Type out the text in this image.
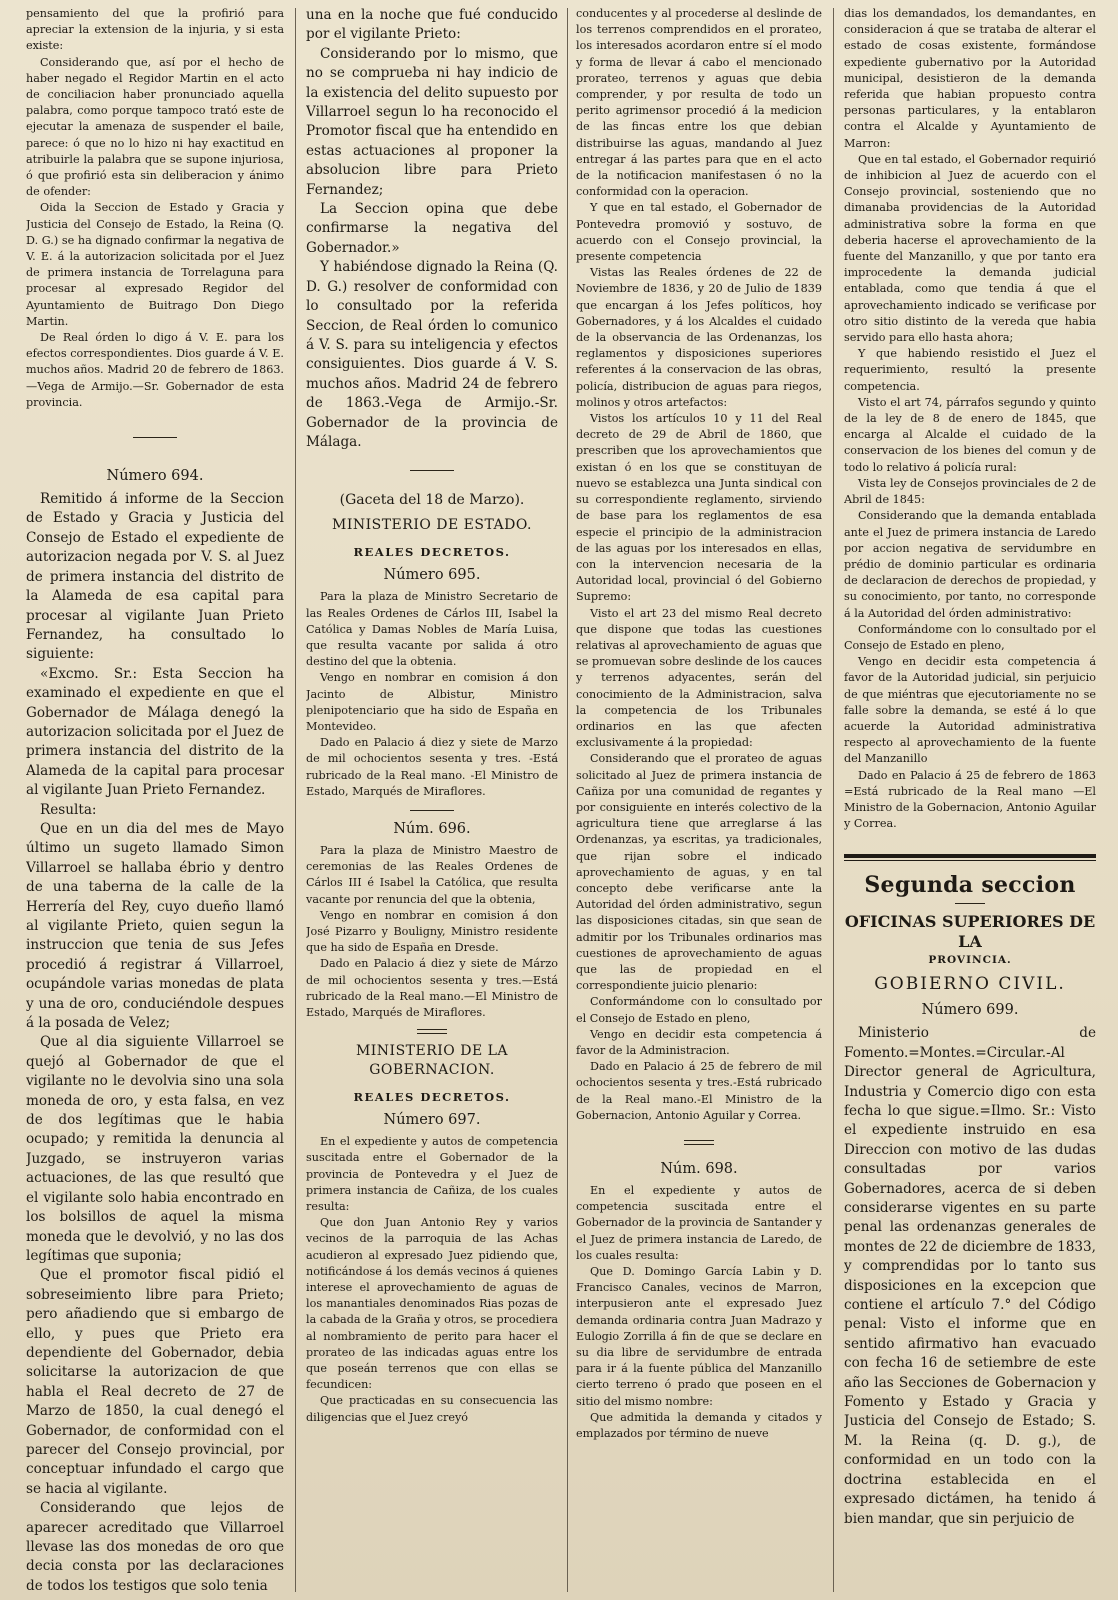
pensamiento del que la profirió para apreciar la extension de la injuria, y si esta existe:

Considerando que, así por el hecho de haber negado el Regidor Martin en el acto de conciliacion haber pronunciado aquella palabra, como porque tampoco trató este de ejecutar la amenaza de suspender el baile, parece: ó que no lo hizo ni hay exactitud en atribuirle la palabra que se supone injuriosa, ó que profirió esta sin deliberacion y ánimo de ofender:

Oida la Seccion de Estado y Gracia y Justicia del Consejo de Estado, la Reina (Q. D. G.) se ha dignado confirmar la negativa de V. E. á la autorizacion solicitada por el Juez de primera instancia de Torrelaguna para procesar al expresado Regidor del Ayuntamiento de Buitrago Don Diego Martin.

De Real órden lo digo á V. E. para los efectos correspondientes. Dios guarde á V. E. muchos años. Madrid 20 de febrero de 1863.—Vega de Armijo.—Sr. Gobernador de esta provincia.

Número 694.

Remitido á informe de la Seccion de Estado y Gracia y Justicia del Consejo de Estado el expediente de autorizacion negada por V. S. al Juez de primera instancia del distrito de la Alameda de esa capital para procesar al vigilante Juan Prieto Fernandez, ha consultado lo siguiente:

«Excmo. Sr.: Esta Seccion ha examinado el expediente en que el Gobernador de Málaga denegó la autorizacion solicitada por el Juez de primera instancia del distrito de la Alameda de la capital para procesar al vigilante Juan Prieto Fernandez.

Resulta:

Que en un dia del mes de Mayo último un sugeto llamado Simon Villarroel se hallaba ébrio y dentro de una taberna de la calle de la Herrería del Rey, cuyo dueño llamó al vigilante Prieto, quien segun la instruccion que tenia de sus Jefes procedió á registrar á Villarroel, ocupándole varias monedas de plata y una de oro, conduciéndole despues á la posada de Velez;

Que al dia siguiente Villarroel se quejó al Gobernador de que el vigilante no le devolvia sino una sola moneda de oro, y esta falsa, en vez de dos legítimas que le habia ocupado; y remitida la denuncia al Juzgado, se instruyeron varias actuaciones, de las que resultó que el vigilante solo habia encontrado en los bolsillos de aquel la misma moneda que le devolvió, y no las dos legítimas que suponia;

Que el promotor fiscal pidió el sobreseimiento libre para Prieto; pero añadiendo que si embargo de ello, y pues que Prieto era dependiente del Gobernador, debia solicitarse la autorizacion de que habla el Real decreto de 27 de Marzo de 1850, la cual denegó el Gobernador, de conformidad con el parecer del Consejo provincial, por conceptuar infundado el cargo que se hacia al vigilante.

Considerando que lejos de aparecer acreditado que Villarroel llevase las dos monedas de oro que decia consta por las declaraciones de todos los testigos que solo tenia

una en la noche que fué conducido por el vigilante Prieto:

Considerando por lo mismo, que no se comprueba ni hay indicio de la existencia del delito supuesto por Villarroel segun lo ha reconocido el Promotor fiscal que ha entendido en estas actuaciones al proponer la absolucion libre para Prieto Fernandez;

La Seccion opina que debe confirmarse la negativa del Gobernador.»

Y habiéndose dignado la Reina (Q. D. G.) resolver de conformidad con lo consultado por la referida Seccion, de Real órden lo comunico á V. S. para su inteligencia y efectos consiguientes. Dios guarde á V. S. muchos años. Madrid 24 de febrero de 1863.-Vega de Armijo.-Sr. Gobernador de la provincia de Málaga.

(Gaceta del 18 de Marzo).
MINISTERIO DE ESTADO.
REALES DECRETOS.
Número 695.

Para la plaza de Ministro Secretario de las Reales Ordenes de Cárlos III, Isabel la Católica y Damas Nobles de María Luisa, que resulta vacante por salida á otro destino del que la obtenia.

Vengo en nombrar en comision á don Jacinto de Albistur, Ministro plenipotenciario que ha sido de España en Montevideo.

Dado en Palacio á diez y siete de Marzo de mil ochocientos sesenta y tres. -Está rubricado de la Real mano. -El Ministro de Estado, Marqués de Miraflores.

Núm. 696.

Para la plaza de Ministro Maestro de ceremonias de las Reales Ordenes de Cárlos III é Isabel la Católica, que resulta vacante por renuncia del que la obtenia,

Vengo en nombrar en comision á don José Pizarro y Bouligny, Ministro residente que ha sido de España en Dresde.

Dado en Palacio á diez y siete de Márzo de mil ochocientos sesenta y tres.—Está rubricado de la Real mano.—El Ministro de Estado, Marqués de Miraflores.

MINISTERIO DE LA GOBERNACION.
REALES DECRETOS.
Número 697.

En el expediente y autos de competencia suscitada entre el Gobernador de la provincia de Pontevedra y el Juez de primera instancia de Cañiza, de los cuales resulta:

Que don Juan Antonio Rey y varios vecinos de la parroquia de las Achas acudieron al expresado Juez pidiendo que, notificándose á los demás vecinos á quienes interese el aprovechamiento de aguas de los manantiales denominados Rias pozas de la cabada de la Graña y otros, se procediera al nombramiento de perito para hacer el prorateo de las indicadas aguas entre los que poseán terrenos que con ellas se fecundicen:

Que practicadas en su consecuencia las diligencias que el Juez creyó

conducentes y al procederse al deslinde de los terrenos comprendidos en el prorateo, los interesados acordaron entre sí el modo y forma de llevar á cabo el mencionado prorateo, terrenos y aguas que debia comprender, y por resulta de todo un perito agrimensor procedió á la medicion de las fincas entre los que debian distribuirse las aguas, mandando al Juez entregar á las partes para que en el acto de la notificacion manifestasen ó no la conformidad con la operacion.

Y que en tal estado, el Gobernador de Pontevedra promovió y sostuvo, de acuerdo con el Consejo provincial, la presente competencia

Vistas las Reales órdenes de 22 de Noviembre de 1836, y 20 de Julio de 1839 que encargan á los Jefes políticos, hoy Gobernadores, y á los Alcaldes el cuidado de la observancia de las Ordenanzas, los reglamentos y disposiciones superiores referentes á la conservacion de las obras, policía, distribucion de aguas para riegos, molinos y otros artefactos:

Vistos los artículos 10 y 11 del Real decreto de 29 de Abril de 1860, que prescriben que los aprovechamientos que existan ó en los que se constituyan de nuevo se establezca una Junta sindical con su correspondiente reglamento, sirviendo de base para los reglamentos de esa especie el principio de la administracion de las aguas por los interesados en ellas, con la intervencion necesaria de la Autoridad local, provincial ó del Gobierno Supremo:

Visto el art 23 del mismo Real decreto que dispone que todas las cuestiones relativas al aprovechamiento de aguas que se promuevan sobre deslinde de los cauces y terrenos adyacentes, serán del conocimiento de la Administracion, salva la competencia de los Tribunales ordinarios en las que afecten exclusivamente á la propiedad:

Considerando que el prorateo de aguas solicitado al Juez de primera instancia de Cañiza por una comunidad de regantes y por consiguiente en interés colectivo de la agricultura tiene que arreglarse á las Ordenanzas, ya escritas, ya tradicionales, que rijan sobre el indicado aprovechamiento de aguas, y en tal concepto debe verificarse ante la Autoridad del órden administrativo, segun las disposiciones citadas, sin que sean de admitir por los Tribunales ordinarios mas cuestiones de aprovechamiento de aguas que las de propiedad en el correspondiente juicio plenario:

Conformándome con lo consultado por el Consejo de Estado en pleno,

Vengo en decidir esta competencia á favor de la Administracion.

Dado en Palacio á 25 de febrero de mil ochocientos sesenta y tres.-Está rubricado de la Real mano.-El Ministro de la Gobernacion, Antonio Aguilar y Correa.

Núm. 698.

En el expediente y autos de competencia suscitada entre el Gobernador de la provincia de Santander y el Juez de primera instancia de Laredo, de los cuales resulta:

Que D. Domingo García Labin y D. Francisco Canales, vecinos de Marron, interpusieron ante el expresado Juez demanda ordinaria contra Juan Madrazo y Eulogio Zorrilla á fin de que se declare en su dia libre de servidumbre de entrada para ir á la fuente pública del Manzanillo cierto terreno ó prado que poseen en el sitio del mismo nombre:

Que admitida la demanda y citados y emplazados por término de nueve

dias los demandados, los demandantes, en consideracion á que se trataba de alterar el estado de cosas existente, formándose expediente gubernativo por la Autoridad municipal, desistieron de la demanda referida que habian propuesto contra personas particulares, y la entablaron contra el Alcalde y Ayuntamiento de Marron:

Que en tal estado, el Gobernador requirió de inhibicion al Juez de acuerdo con el Consejo provincial, sosteniendo que no dimanaba providencias de la Autoridad administrativa sobre la forma en que deberia hacerse el aprovechamiento de la fuente del Manzanillo, y que por tanto era improcedente la demanda judicial entablada, como que tendia á que el aprovechamiento indicado se verificase por otro sitio distinto de la vereda que habia servido para ello hasta ahora;

Y que habiendo resistido el Juez el requerimiento, resultó la presente competencia.

Visto el art 74, párrafos segundo y quinto de la ley de 8 de enero de 1845, que encarga al Alcalde el cuidado de la conservacion de los bienes del comun y de todo lo relativo á policía rural:

Vista ley de Consejos provinciales de 2 de Abril de 1845:

Considerando que la demanda entablada ante el Juez de primera instancia de Laredo por accion negativa de servidumbre en prédio de dominio particular es ordinaria de declaracion de derechos de propiedad, y su conocimiento, por tanto, no corresponde á la Autoridad del órden administrativo:

Conformándome con lo consultado por el Consejo de Estado en pleno,

Vengo en decidir esta competencia á favor de la Autoridad judicial, sin perjuicio de que miéntras que ejecutoriamente no se falle sobre la demanda, se esté á lo que acuerde la Autoridad administrativa respecto al aprovechamiento de la fuente del Manzanillo

Dado en Palacio á 25 de febrero de 1863 =Está rubricado de la Real mano —El Ministro de la Gobernacion, Antonio Aguilar y Correa.

Segunda seccion
OFICINAS SUPERIORES DE LA
PROVINCIA.
GOBIERNO CIVIL.
Número 699.

Ministerio de Fomento.=Montes.=Circular.-Al Director general de Agricultura, Industria y Comercio digo con esta fecha lo que sigue.=Ilmo. Sr.: Visto el expediente instruido en esa Direccion con motivo de las dudas consultadas por varios Gobernadores, acerca de si deben considerarse vigentes en su parte penal las ordenanzas generales de montes de 22 de diciembre de 1833, y comprendidas por lo tanto sus disposiciones en la excepcion que contiene el artículo 7.° del Código penal: Visto el informe que en sentido afirmativo han evacuado con fecha 16 de setiembre de este año las Secciones de Gobernacion y Fomento y Estado y Gracia y Justicia del Consejo de Estado; S. M. la Reina (q. D. g.), de conformidad en un todo con la doctrina establecida en el expresado dictámen, ha tenido á bien mandar, que sin perjuicio de
